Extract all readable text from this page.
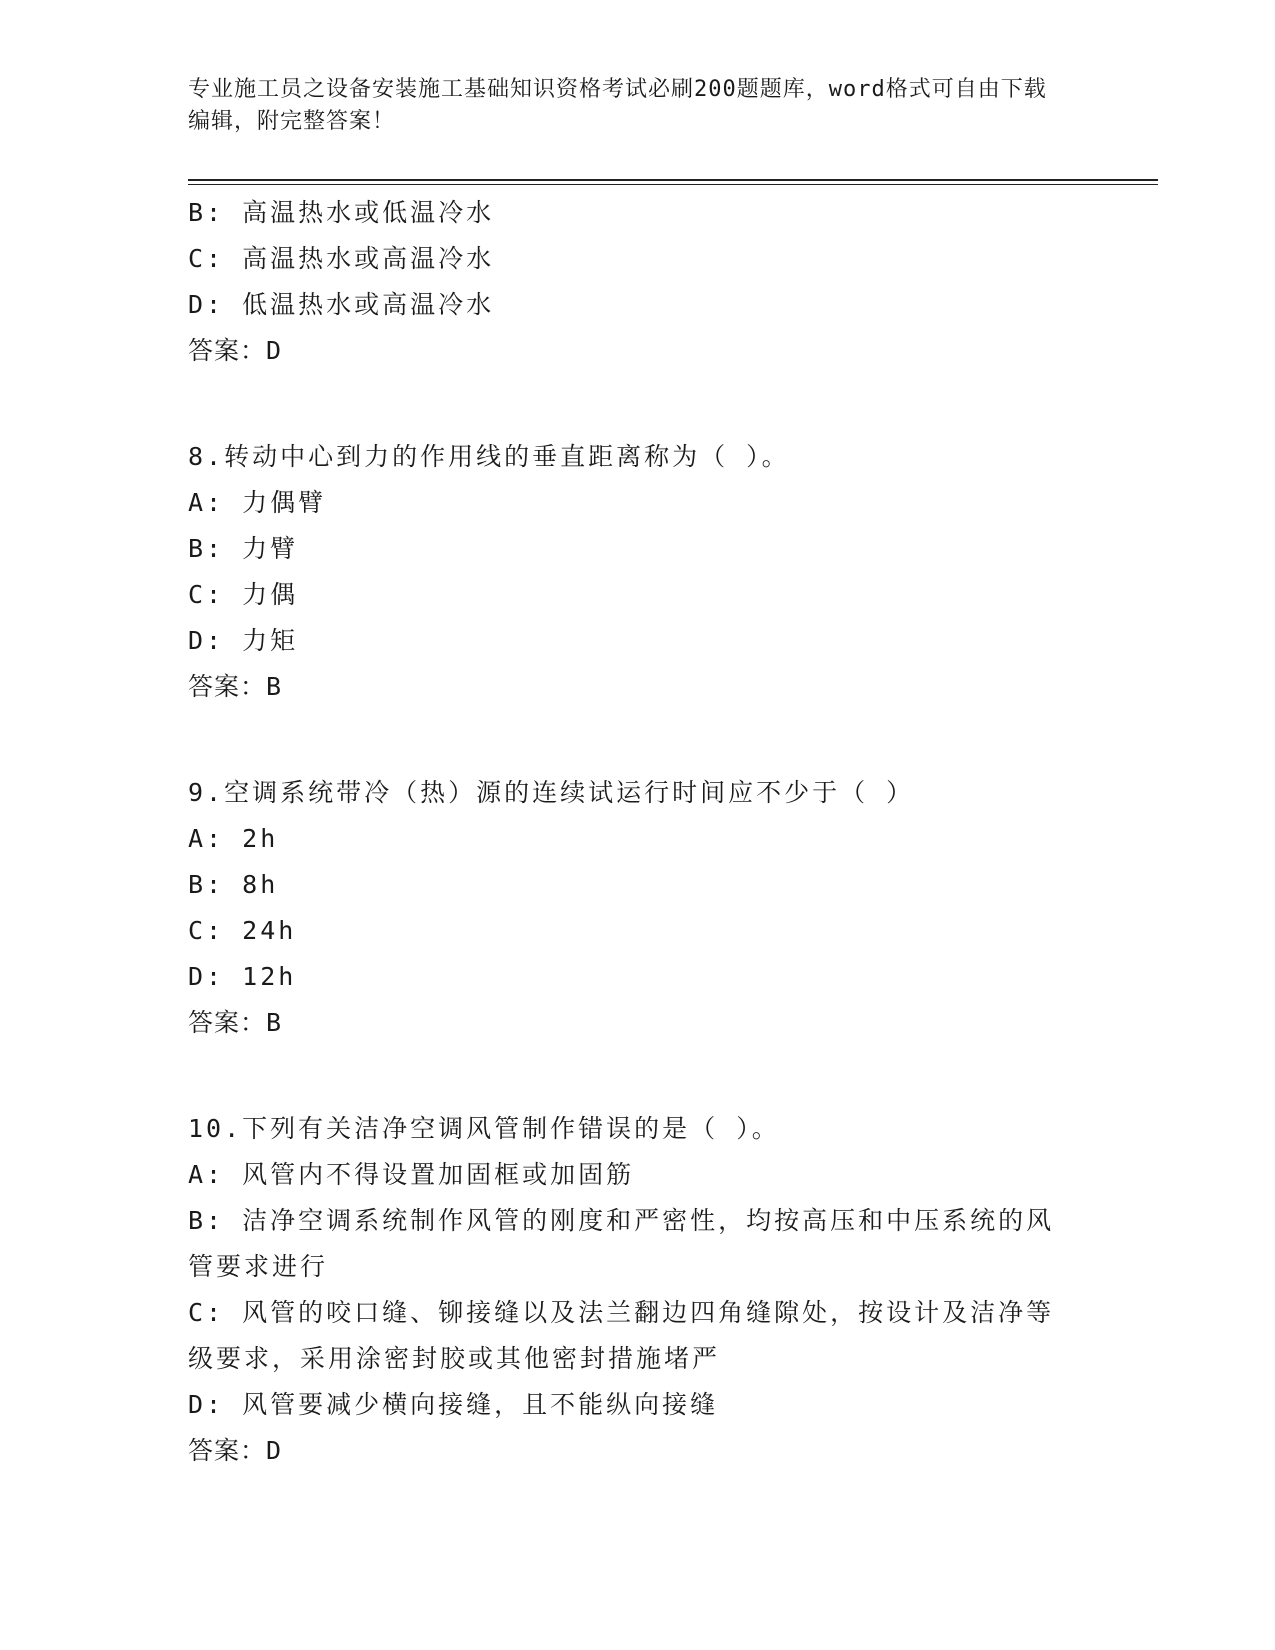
专业施工员之设备安装施工基础知识资格考试必刷200题题库，word格式可自由下载编辑，附完整答案！
B: 高温热水或低温冷水
C: 高温热水或高温冷水
D: 低温热水或高温冷水
答案：D
8.转动中心到力的作用线的垂直距离称为（ ）。
A: 力偶臂
B: 力臂
C: 力偶
D: 力矩
答案：B
9.空调系统带冷（热）源的连续试运行时间应不少于（ ）
A: 2h
B: 8h
C: 24h
D: 12h
答案：B
10.下列有关洁净空调风管制作错误的是（ ）。
A: 风管内不得设置加固框或加固筋
B: 洁净空调系统制作风管的刚度和严密性，均按高压和中压系统的风管要求进行
C: 风管的咬口缝、铆接缝以及法兰翻边四角缝隙处，按设计及洁净等级要求，采用涂密封胶或其他密封措施堵严
D: 风管要减少横向接缝，且不能纵向接缝
答案：D
